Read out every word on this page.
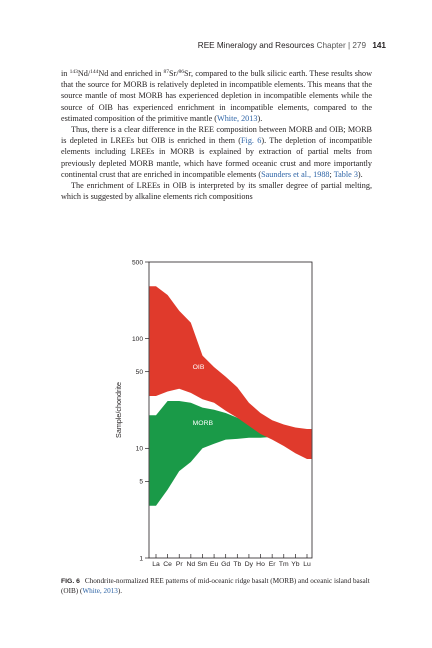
REE Mineralogy and Resources Chapter | 279 141

in $^{143}$Nd/$^{144}$Nd and enriched in $^{87}$Sr/$^{86}$Sr, compared to the bulk silicic earth. These results show that the source for MORB is relatively depleted in incompatible elements. This means that the source mantle of most MORB has experienced depletion in incompatible elements while the source of OIB has experienced enrichment in incompatible elements, compared to the estimated composition of the primitive mantle (White, 2013).

Thus, there is a clear difference in the REE composition between MORB and OIB; MORB is depleted in LREEs but OIB is enriched in them (Fig. 6). The depletion of incompatible elements including LREEs in MORB is explained by extraction of partial melts from previously depleted MORB mantle, which have formed oceanic crust and more importantly continental crust that are enriched in incompatible elements (Saunders et al., 1988; Table 3).

The enrichment of LREEs in OIB is interpreted by its smaller degree of partial melting, which is suggested by alkaline elements rich compositions

1
5
10
50
100
500
La Ce Pr Nd Sm Eu Gd Tb Dy Ho Er Tm Yb Lu
OIB
MORB
Sample/chondrite
FIG. 6 Chondrite-normalized REE patterns of mid-oceanic ridge basalt (MORB) and oceanic island basalt (OIB) (White, 2013).
